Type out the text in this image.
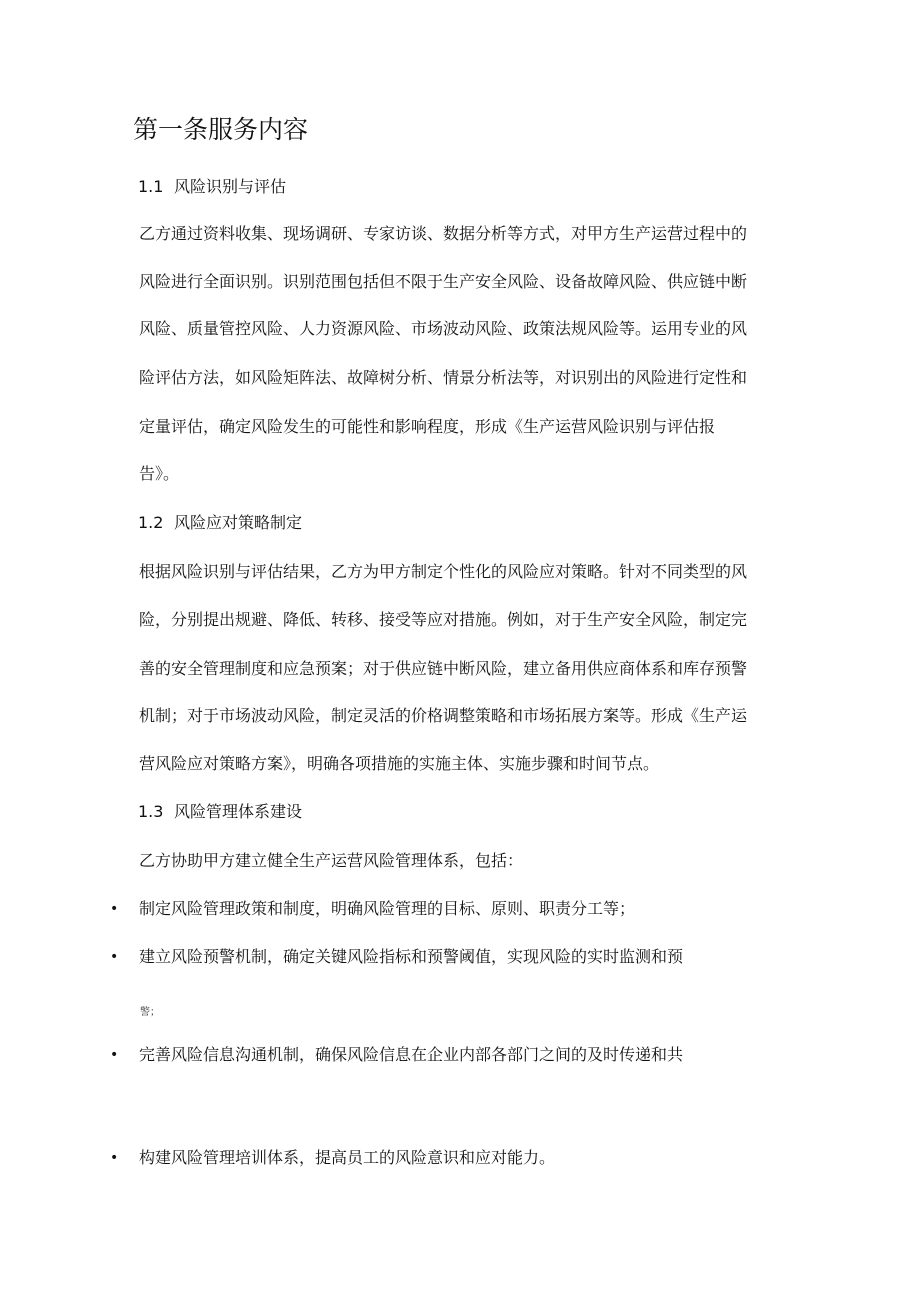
第一条服务内容
1.1 风险识别与评估

乙方通过资料收集、现场调研、专家访谈、数据分析等方式，对甲方生产运营过程中的

风险进行全面识别。识别范围包括但不限于生产安全风险、设备故障风险、供应链中断

风险、质量管控风险、人力资源风险、市场波动风险、政策法规风险等。运用专业的风

险评估方法，如风险矩阵法、故障树分析、情景分析法等，对识别出的风险进行定性和

定量评估，确定风险发生的可能性和影响程度，形成《生产运营风险识别与评估报

告》。

1.2 风险应对策略制定

根据风险识别与评估结果，乙方为甲方制定个性化的风险应对策略。针对不同类型的风

险，分别提出规避、降低、转移、接受等应对措施。例如，对于生产安全风险，制定完

善的安全管理制度和应急预案；对于供应链中断风险，建立备用供应商体系和库存预警

机制；对于市场波动风险，制定灵活的价格调整策略和市场拓展方案等。形成《生产运

营风险应对策略方案》，明确各项措施的实施主体、实施步骤和时间节点。

1.3 风险管理体系建设

乙方协助甲方建立健全生产运营风险管理体系，包括：

• 制定风险管理政策和制度，明确风险管理的目标、原则、职责分工等；
• 建立风险预警机制，确定关键风险指标和预警阈值，实现风险的实时监测和预
警；
• 完善风险信息沟通机制，确保风险信息在企业内部各部门之间的及时传递和共
• 构建风险管理培训体系，提高员工的风险意识和应对能力。
